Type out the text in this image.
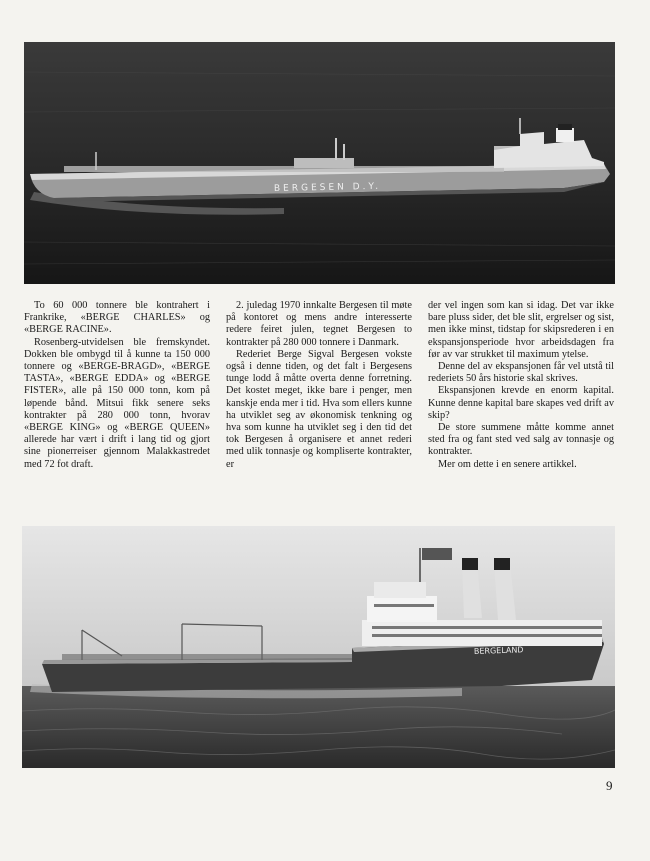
BERGESEN D.Y.

To 60 000 tonnere ble kontrahert i Frankrike, «BERGE CHARLES» og «BERGE RACINE».

Rosenberg-utvidelsen ble fremskyndet. Dokken ble ombygd til å kunne ta 150 000 tonnere og «BERGE-BRAGD», «BERGE TASTA», «BERGE EDDA» og «BERGE FISTER», alle på 150 000 tonn, kom på løpende bånd. Mitsui fikk senere seks kontrakter på 280 000 tonn, hvorav «BERGE KING» og «BERGE QUEEN» allerede har vært i drift i lang tid og gjort sine pionerreiser gjennom Malakkastredet med 72 fot draft.

2. juledag 1970 innkalte Bergesen til møte på kontoret og mens andre interesserte redere feiret julen, tegnet Bergesen to kontrakter på 280 000 tonnere i Danmark.

Rederiet Berge Sigval Bergesen vokste også i denne tiden, og det falt i Bergesens tunge lodd å måtte overta denne forretning. Det kostet meget, ikke bare i penger, men kanskje enda mer i tid. Hva som ellers kunne ha utviklet seg av økonomisk tenkning og hva som kunne ha utviklet seg i den tid det tok Bergesen å organisere et annet rederi med ulik tonnasje og kompliserte kontrakter, er

der vel ingen som kan si idag. Det var ikke bare pluss sider, det ble slit, ergrelser og sist, men ikke minst, tidstap for skipsrederen i en ekspansjonsperiode hvor arbeidsdagen fra før av var strukket til maximum ytelse.

Denne del av ekspansjonen får vel utstå til rederiets 50 års historie skal skrives.

Ekspansjonen krevde en enorm kapital. Kunne denne kapital bare skapes ved drift av skip?

De store summene måtte komme annet sted fra og fant sted ved salg av tonnasje og kontrakter.

Mer om dette i en senere artikkel.

BERGELAND
9
